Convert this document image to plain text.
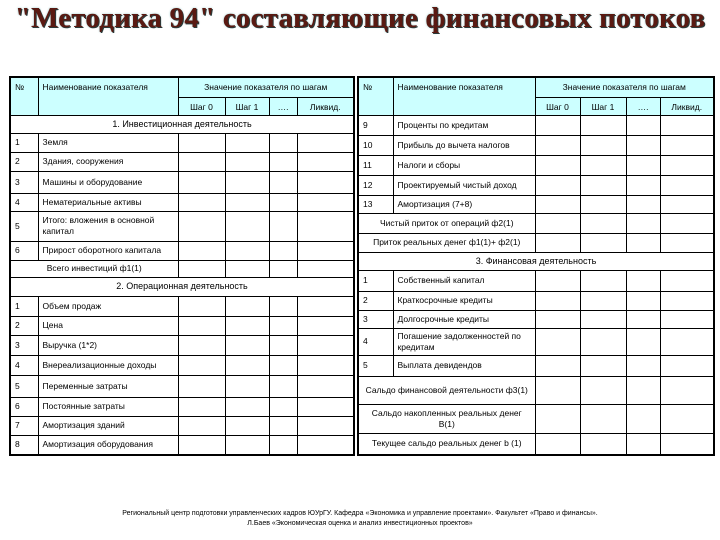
"Методика 94" составляющие финансовых потоков
№	Наименование показателя	Значение показателя по шагам			
		Шаг 0	Шаг 1	….	Ликвид.
1. Инвестиционная деятельность					
1	Земля				
2	Здания, сооружения				
3	Машины и оборудование				
4	Нематериальные активы				
5	Итого: вложения в основной капитал				
6	Прирост оборотного капитала				
Всего инвестиций ф1(1)					
2. Операционная деятельность					
1	Объем продаж				
2	Цена				
3	Выручка (1*2)				
4	Внереализационные доходы				
5	Переменные затраты				
6	Постоянные затраты				
7	Амортизация зданий				
8	Амортизация оборудования				
№	Наименование показателя	Значение показателя по шагам			
		Шаг 0	Шаг 1	….	Ликвид.
9	Проценты по кредитам				
10	Прибыль до вычета налогов				
11	Налоги и сборы				
12	Проектируемый чистый доход				
13	Амортизация (7+8)				
Чистый приток от операций ф2(1)					
Приток реальных денег ф1(1)+ ф2(1)					
3. Финансовая деятельность					
1	Собственный капитал				
2	Краткосрочные кредиты				
3	Долгосрочные кредиты				
4	Погашение задолженностей по кредитам				
5	Выплата девидендов				
Сальдо финансовой деятельности ф3(1)					
Сальдо накопленных реальных денег В(1)					
Текущее сальдо реальных денег b (1)					
Региональный центр подготовки управленческих кадров ЮУрГУ. Кафедра «Экономика и управление проектами». Факультет «Право и финансы».
Л.Баев «Экономическая оценка и анализ инвестиционных проектов»
